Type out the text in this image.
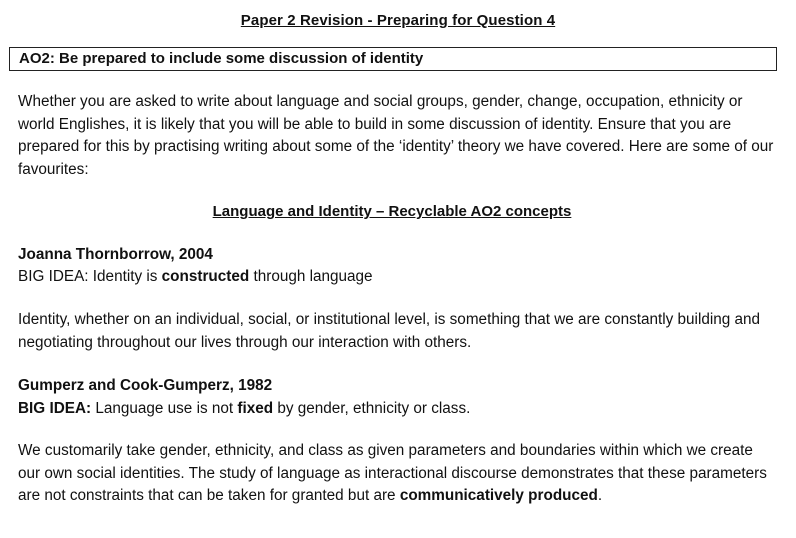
Paper 2 Revision - Preparing for Question 4
AO2: Be prepared to include some discussion of identity

Whether you are asked to write about language and social groups, gender, change, occupation, ethnicity or world Englishes, it is likely that you will be able to build in some discussion of identity. Ensure that you are prepared for this by practising writing about some of the ‘identity’ theory we have covered. Here are some of our favourites:

Language and Identity – Recyclable AO2 concepts
Joanna Thornborrow, 2004
BIG IDEA: Identity is constructed through language

Identity, whether on an individual, social, or institutional level, is something that we are constantly building and negotiating throughout our lives through our interaction with others.

Gumperz and Cook-Gumperz, 1982
BIG IDEA: Language use is not fixed by gender, ethnicity or class.

We customarily take gender, ethnicity, and class as given parameters and boundaries within which we create our own social identities. The study of language as interactional discourse demonstrates that these parameters are not constraints that can be taken for granted but are communicatively produced.
